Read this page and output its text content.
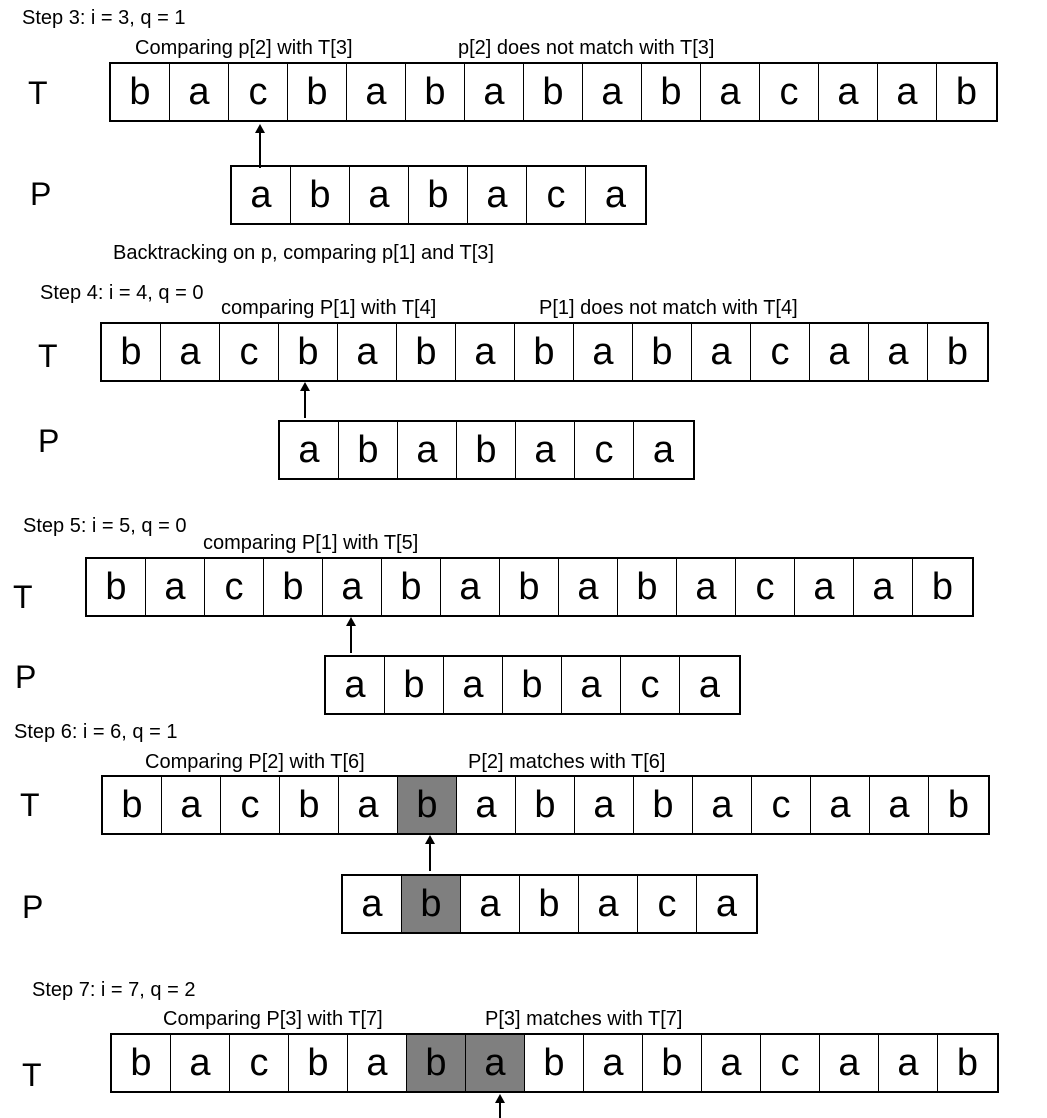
Step 3: i = 3, q = 1
Comparing p[2] with T[3]	p[2] does not match with T[3]
T	b a	c	b a b a b a b a	c	a a	b
P	a b a b a	c	a
Backtracking on p, comparing p[1] and T[3]
Step 4: i = 4, q = 0
comparing P[1] with T[4]	P[1] does not match with T[4]
T	b a	c	b a b a b a b a	c	a a	b
P	a b a b a	c	a
Step 5: i = 5, q = 0
comparing P[1] with T[5]
T	b a	c	b a b a b a b a	c	a a	b
P	a b a b a	c	a
Step 6: i = 6, q = 1
Comparing P[2] with T[6]	P[2] matches with T[6]
T	b a	c	b a b a b a b a	c	a a	b
P	a b a b a	c	a
Step 7: i = 7, q = 2
Comparing P[3] with T[7]	P[3] matches with T[7]
T	b a	c	b a b a b a b a	c	a a	b
